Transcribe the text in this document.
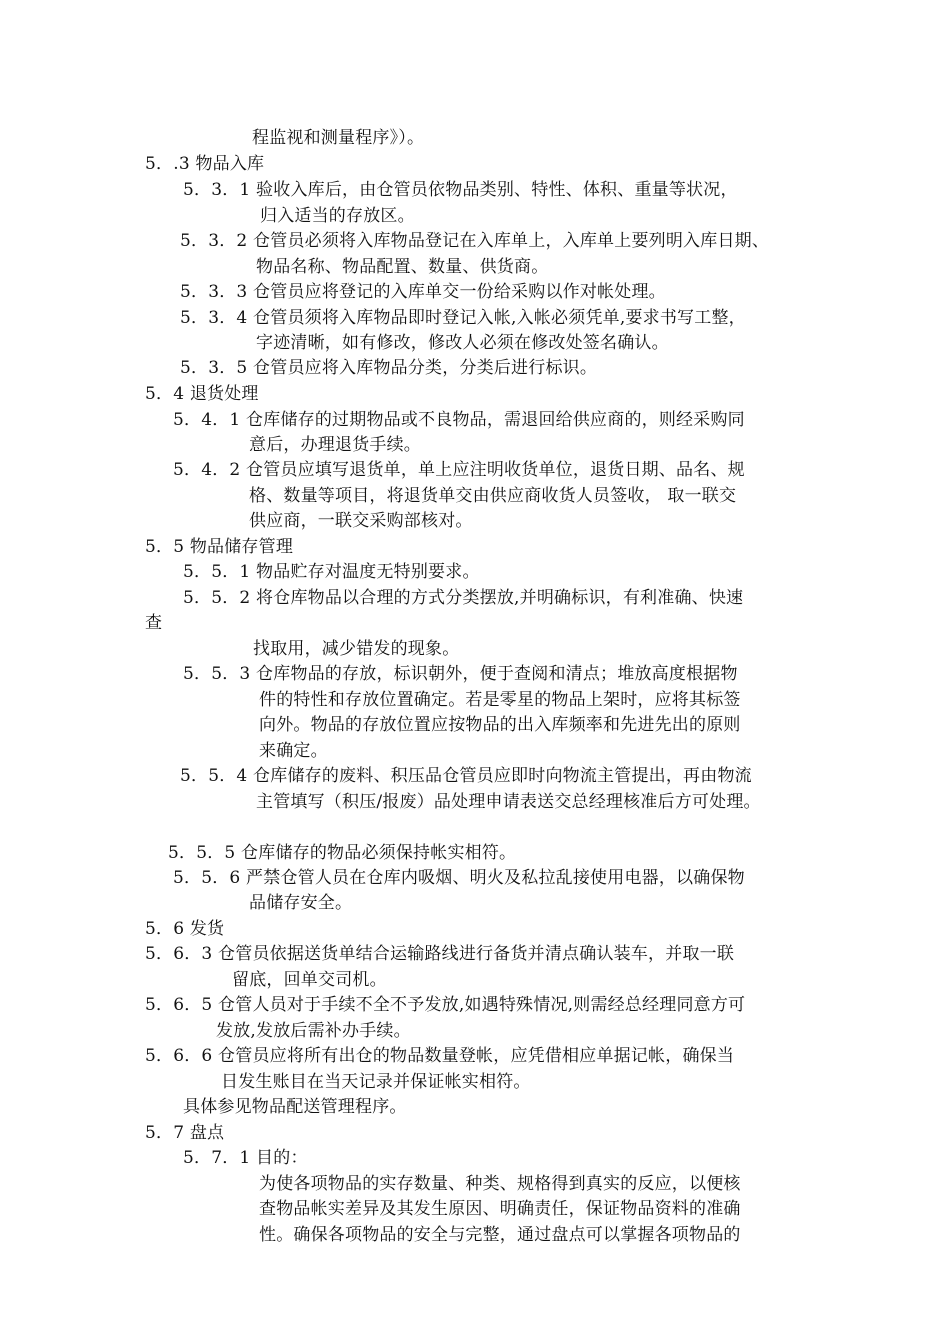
程监视和测量程序》）。
5．.3 物品入库
5．3．1 验收入库后，由仓管员依物品类别、特性、体积、重量等状况，
归入适当的存放区。
5．3．2 仓管员必须将入库物品登记在入库单上，入库单上要列明入库日期、
物品名称、物品配置、数量、供货商。
5．3．3 仓管员应将登记的入库单交一份给采购以作对帐处理。
5．3．4 仓管员须将入库物品即时登记入帐,入帐必须凭单,要求书写工整，
字迹清晰，如有修改，修改人必须在修改处签名确认。
5．3．5 仓管员应将入库物品分类，分类后进行标识。
5．4 退货处理
5．4．1 仓库储存的过期物品或不良物品，需退回给供应商的，则经采购同
意后，办理退货手续。
5．4．2 仓管员应填写退货单，单上应注明收货单位，退货日期、品名、规
格、数量等项目，将退货单交由供应商收货人员签收， 取一联交
供应商，一联交采购部核对。
5．5 物品储存管理
5．5．1 物品贮存对温度无特别要求。
5．5．2 将仓库物品以合理的方式分类摆放,并明确标识，有利准确、快速
查
找取用，减少错发的现象。
5．5．3 仓库物品的存放，标识朝外，便于查阅和清点；堆放高度根据物
件的特性和存放位置确定。若是零星的物品上架时，应将其标签
向外。物品的存放位置应按物品的出入库频率和先进先出的原则
来确定。
5．5．4 仓库储存的废料、积压品仓管员应即时向物流主管提出，再由物流
主管填写（积压/报废）品处理申请表送交总经理核准后方可处理。
5．5．5 仓库储存的物品必须保持帐实相符。
5．5．6 严禁仓管人员在仓库内吸烟、明火及私拉乱接使用电器，以确保物
品储存安全。
5．6 发货
5．6．3 仓管员依据送货单结合运输路线进行备货并清点确认装车，并取一联
留底，回单交司机。
5．6．5 仓管人员对于手续不全不予发放,如遇特殊情况,则需经总经理同意方可
发放,发放后需补办手续。
5．6．6 仓管员应将所有出仓的物品数量登帐，应凭借相应单据记帐，确保当
日发生账目在当天记录并保证帐实相符。
具体参见物品配送管理程序。
5．7 盘点
5．7．1 目的：
为使各项物品的实存数量、种类、规格得到真实的反应，以便核
查物品帐实差异及其发生原因、明确责任，保证物品资料的准确
性。确保各项物品的安全与完整，通过盘点可以掌握各项物品的
